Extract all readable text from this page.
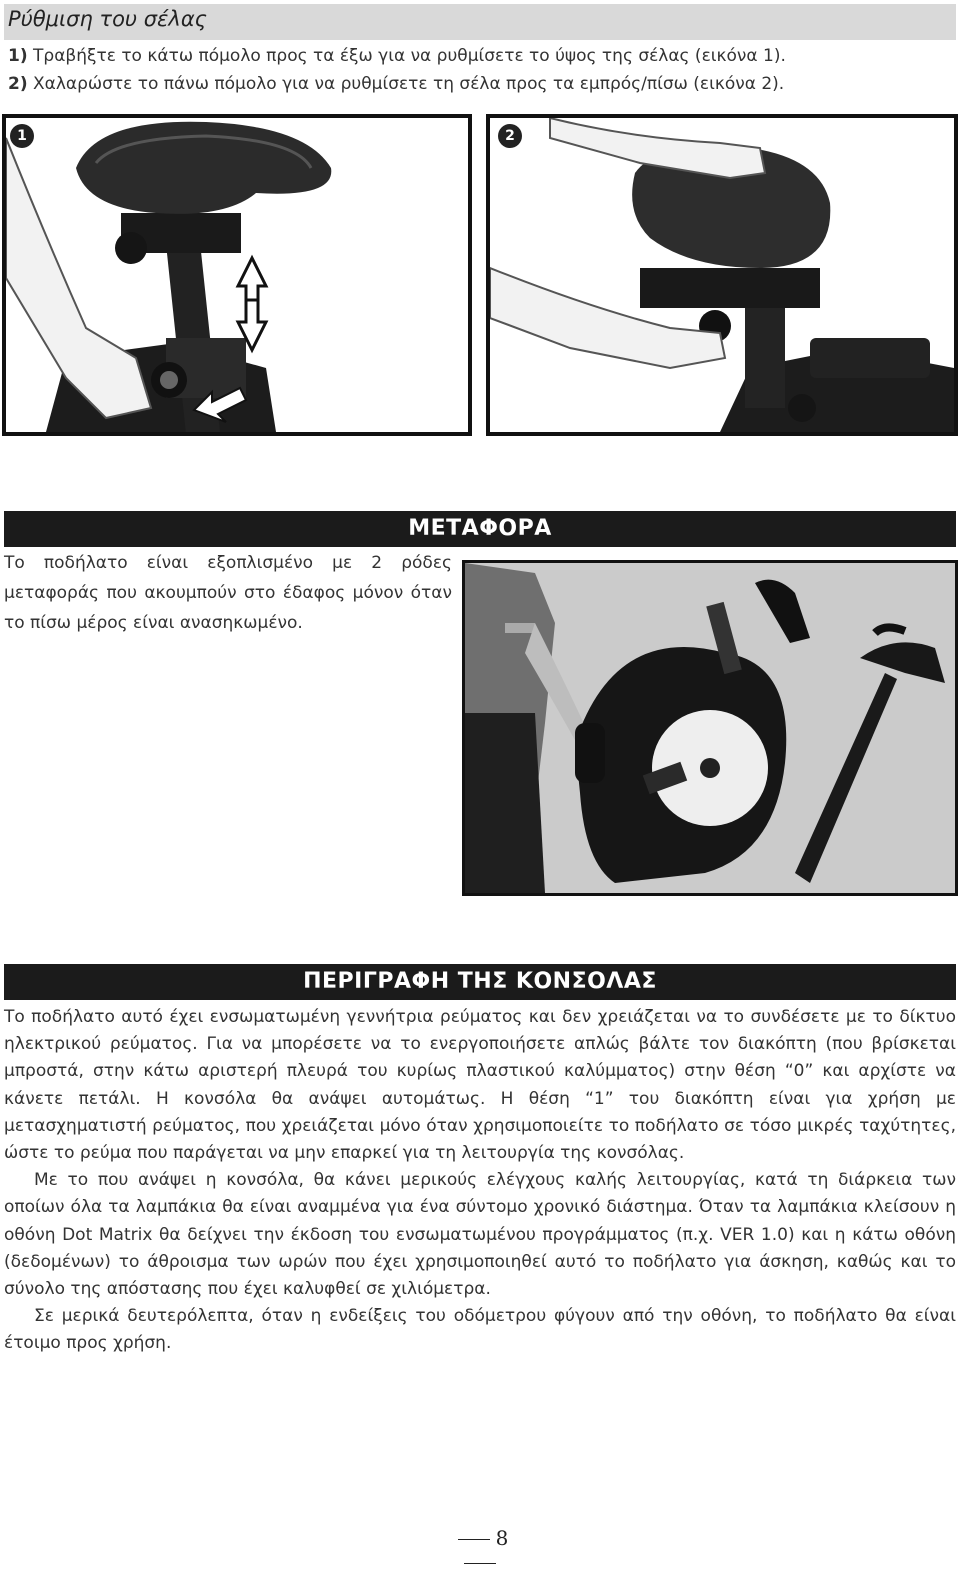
Ρύθμιση του σέλας
1) Τραβήξτε το κάτω πόμολο προς τα έξω για να ρυθμίσετε το ύψος της σέλας (εικόνα 1).
2) Χαλαρώστε το πάνω πόμολο για να ρυθμίσετε τη σέλα προς τα εμπρός/πίσω (εικόνα 2).
1	2
ΜΕΤΑΦΟΡΑ
Το ποδήλατο είναι εξοπλισμένο με 2 ρόδες μεταφοράς που ακουμπούν στο έδαφος μόνον όταν το πίσω μέρος είναι ανασηκωμένο.
ΠΕΡΙΓΡΑΦΗ ΤΗΣ ΚΟΝΣΟΛΑΣ

Το ποδήλατο αυτό έχει ενσωματωμένη γεννήτρια ρεύματος και δεν χρειάζεται να το συνδέσετε με το δίκτυο ηλεκτρικού ρεύματος. Για να μπορέσετε να το ενεργοποιήσετε απλώς βάλτε τον διακόπτη (που βρίσκεται μπροστά, στην κάτω αριστερή πλευρά του κυρίως πλαστικού καλύμματος) στην θέση “0” και αρχίστε να κάνετε πετάλι. Η κονσόλα θα ανάψει αυτομάτως. Η θέση “1” του διακόπτη είναι για χρήση με μετασχηματιστή ρεύματος, που χρειάζεται μόνο όταν χρησιμοποιείτε το ποδήλατο σε τόσο μικρές ταχύτητες, ώστε το ρεύμα που παράγεται να μην επαρκεί για τη λειτουργία της κονσόλας.

Με το που ανάψει η κονσόλα, θα κάνει μερικούς ελέγχους καλής λειτουργίας, κατά τη διάρκεια των οποίων όλα τα λαμπάκια θα είναι αναμμένα για ένα σύντομο χρονικό διάστημα. Όταν τα λαμπάκια κλείσουν η οθόνη Dot Matrix θα δείχνει την έκδοση του ενσωματωμένου προγράμματος (π.χ. VER 1.0) και η κάτω οθόνη (δεδομένων) το άθροισμα των ωρών που έχει χρησιμοποιηθεί αυτό το ποδήλατο για άσκηση, καθώς και το σύνολο της απόστασης που έχει καλυφθεί σε χιλιόμετρα.

Σε μερικά δευτερόλεπτα, όταν η ενδείξεις του οδόμετρου φύγουν από την οθόνη, το ποδήλατο θα είναι έτοιμο προς χρήση.

8
